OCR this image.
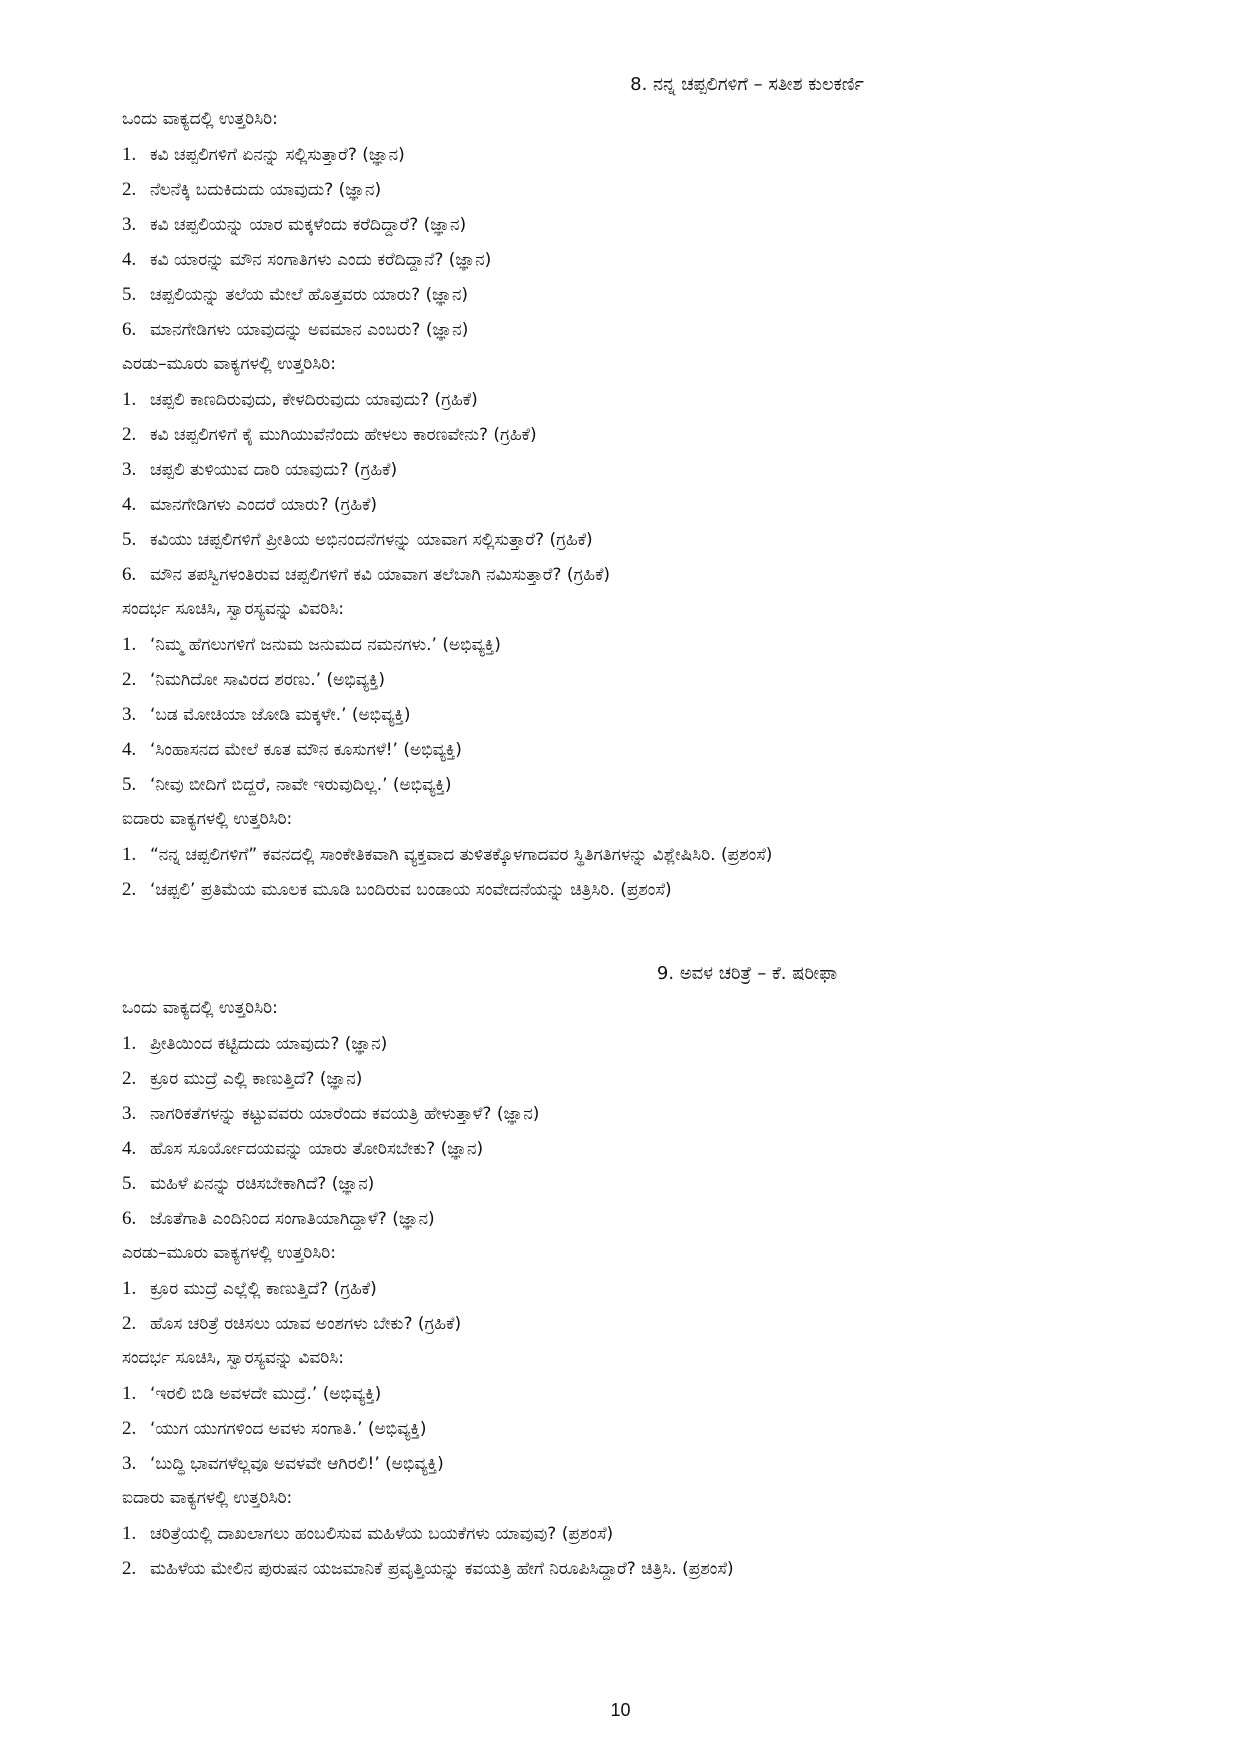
8. ನನ್ನ ಚಪ್ಪಲಿಗಳಿಗೆ – ಸತೀಶ ಕುಲಕರ್ಣಿ
ಒಂದು ವಾಕ್ಯದಲ್ಲಿ ಉತ್ತರಿಸಿರಿ:
1. ಕವಿ ಚಪ್ಪಲಿಗಳಿಗೆ ಏನನ್ನು ಸಲ್ಲಿಸುತ್ತಾರೆ? (ಜ್ಞಾನ)
2. ನೆಲನೆಕ್ಕಿ ಬದುಕಿದುದು ಯಾವುದು? (ಜ್ಞಾನ)
3. ಕವಿ ಚಪ್ಪಲಿಯನ್ನು ಯಾರ ಮಕ್ಕಳೆಂದು ಕರೆದಿದ್ದಾರೆ? (ಜ್ಞಾನ)
4. ಕವಿ ಯಾರನ್ನು ಮೌನ ಸಂಗಾತಿಗಳು ಎಂದು ಕರೆದಿದ್ದಾನೆ? (ಜ್ಞಾನ)
5. ಚಪ್ಪಲಿಯನ್ನು ತಲೆಯ ಮೇಲೆ ಹೊತ್ತವರು ಯಾರು? (ಜ್ಞಾನ)
6. ಮಾನಗೇಡಿಗಳು ಯಾವುದನ್ನು ಅವಮಾನ ಎಂಬರು? (ಜ್ಞಾನ)
ಎರಡು–ಮೂರು ವಾಕ್ಯಗಳಲ್ಲಿ ಉತ್ತರಿಸಿರಿ:
1. ಚಪ್ಪಲಿ ಕಾಣದಿರುವುದು, ಕೇಳದಿರುವುದು ಯಾವುದು? (ಗ್ರಹಿಕೆ)
2. ಕವಿ ಚಪ್ಪಲಿಗಳಿಗೆ ಕೈ ಮುಗಿಯುವೆನೆಂದು ಹೇಳಲು ಕಾರಣವೇನು? (ಗ್ರಹಿಕೆ)
3. ಚಪ್ಪಲಿ ತುಳಿಯುವ ದಾರಿ ಯಾವುದು? (ಗ್ರಹಿಕೆ)
4. ಮಾನಗೇಡಿಗಳು ಎಂದರೆ ಯಾರು? (ಗ್ರಹಿಕೆ)
5. ಕವಿಯು ಚಪ್ಪಲಿಗಳಿಗೆ ಪ್ರೀತಿಯ ಅಭಿನಂದನೆಗಳನ್ನು ಯಾವಾಗ ಸಲ್ಲಿಸುತ್ತಾರೆ? (ಗ್ರಹಿಕೆ)
6. ಮೌನ ತಪಸ್ವಿಗಳಂತಿರುವ ಚಪ್ಪಲಿಗಳಿಗೆ ಕವಿ ಯಾವಾಗ ತಲೆಬಾಗಿ ನಮಿಸುತ್ತಾರೆ? (ಗ್ರಹಿಕೆ)
ಸಂದರ್ಭ ಸೂಚಿಸಿ, ಸ್ವಾರಸ್ಯವನ್ನು ವಿವರಿಸಿ:
1. ‘ನಿಮ್ಮ ಹೆಗಲುಗಳಿಗೆ ಜನುಮ ಜನುಮದ ನಮನಗಳು.’ (ಅಭಿವ್ಯಕ್ತಿ)
2. ‘ನಿಮಗಿದೋ ಸಾವಿರದ ಶರಣು.’ (ಅಭಿವ್ಯಕ್ತಿ)
3. ‘ಬಡ ಮೋಚಿಯಾ ಜೋಡಿ ಮಕ್ಕಳೇ.’ (ಅಭಿವ್ಯಕ್ತಿ)
4. ‘ಸಿಂಹಾಸನದ ಮೇಲೆ ಕೂತ ಮೌನ ಕೂಸುಗಳೆ!’ (ಅಭಿವ್ಯಕ್ತಿ)
5. ‘ನೀವು ಬೀದಿಗೆ ಬಿದ್ದರೆ, ನಾವೇ ಇರುವುದಿಲ್ಲ.’ (ಅಭಿವ್ಯಕ್ತಿ)
ಐದಾರು ವಾಕ್ಯಗಳಲ್ಲಿ ಉತ್ತರಿಸಿರಿ:
1. “ನನ್ನ ಚಪ್ಪಲಿಗಳಿಗೆ” ಕವನದಲ್ಲಿ ಸಾಂಕೇತಿಕವಾಗಿ ವ್ಯಕ್ತವಾದ ತುಳಿತಕ್ಕೊಳಗಾದವರ ಸ್ಥಿತಿಗತಿಗಳನ್ನು ವಿಶ್ಲೇಷಿಸಿರಿ. (ಪ್ರಶಂಸೆ)
2. ‘ಚಪ್ಪಲಿ’ ಪ್ರತಿಮೆಯ ಮೂಲಕ ಮೂಡಿ ಬಂದಿರುವ ಬಂಡಾಯ ಸಂವೇದನೆಯನ್ನು ಚಿತ್ರಿಸಿರಿ. (ಪ್ರಶಂಸೆ)
9. ಅವಳ ಚರಿತ್ರೆ – ಕೆ. ಷರೀಫಾ
ಒಂದು ವಾಕ್ಯದಲ್ಲಿ ಉತ್ತರಿಸಿರಿ:
1. ಪ್ರೀತಿಯಿಂದ ಕಟ್ಟಿದುದು ಯಾವುದು? (ಜ್ಞಾನ)
2. ಕ್ರೂರ ಮುದ್ರೆ ಎಲ್ಲಿ ಕಾಣುತ್ತಿದೆ? (ಜ್ಞಾನ)
3. ನಾಗರಿಕತೆಗಳನ್ನು ಕಟ್ಟುವವರು ಯಾರೆಂದು ಕವಯತ್ರಿ ಹೇಳುತ್ತಾಳೆ? (ಜ್ಞಾನ)
4. ಹೊಸ ಸೂರ್ಯೋದಯವನ್ನು ಯಾರು ತೋರಿಸಬೇಕು? (ಜ್ಞಾನ)
5. ಮಹಿಳೆ ಏನನ್ನು ರಚಿಸಬೇಕಾಗಿದೆ? (ಜ್ಞಾನ)
6. ಜೊತೆಗಾತಿ ಎಂದಿನಿಂದ ಸಂಗಾತಿಯಾಗಿದ್ದಾಳೆ? (ಜ್ಞಾನ)
ಎರಡು–ಮೂರು ವಾಕ್ಯಗಳಲ್ಲಿ ಉತ್ತರಿಸಿರಿ:
1. ಕ್ರೂರ ಮುದ್ರೆ ಎಲ್ಲೆಲ್ಲಿ ಕಾಣುತ್ತಿದೆ? (ಗ್ರಹಿಕೆ)
2. ಹೊಸ ಚರಿತ್ರೆ ರಚಿಸಲು ಯಾವ ಅಂಶಗಳು ಬೇಕು? (ಗ್ರಹಿಕೆ)
ಸಂದರ್ಭ ಸೂಚಿಸಿ, ಸ್ವಾರಸ್ಯವನ್ನು ವಿವರಿಸಿ:
1. ‘ಇರಲಿ ಬಿಡಿ ಅವಳದೇ ಮುದ್ರೆ.’ (ಅಭಿವ್ಯಕ್ತಿ)
2. ‘ಯುಗ ಯುಗಗಳಿಂದ ಅವಳು ಸಂಗಾತಿ.’ (ಅಭಿವ್ಯಕ್ತಿ)
3. ‘ಬುದ್ಧಿ ಭಾವಗಳೆಲ್ಲವೂ ಅವಳವೇ ಆಗಿರಲಿ!’ (ಅಭಿವ್ಯಕ್ತಿ)
ಐದಾರು ವಾಕ್ಯಗಳಲ್ಲಿ ಉತ್ತರಿಸಿರಿ:
1. ಚರಿತ್ರೆಯಲ್ಲಿ ದಾಖಲಾಗಲು ಹಂಬಲಿಸುವ ಮಹಿಳೆಯ ಬಯಕೆಗಳು ಯಾವುವು? (ಪ್ರಶಂಸೆ)
2. ಮಹಿಳೆಯ ಮೇಲಿನ ಪುರುಷನ ಯಜಮಾನಿಕೆ ಪ್ರವೃತ್ತಿಯನ್ನು ಕವಯತ್ರಿ ಹೇಗೆ ನಿರೂಪಿಸಿದ್ದಾರೆ? ಚಿತ್ರಿಸಿ. (ಪ್ರಶಂಸೆ)
10
